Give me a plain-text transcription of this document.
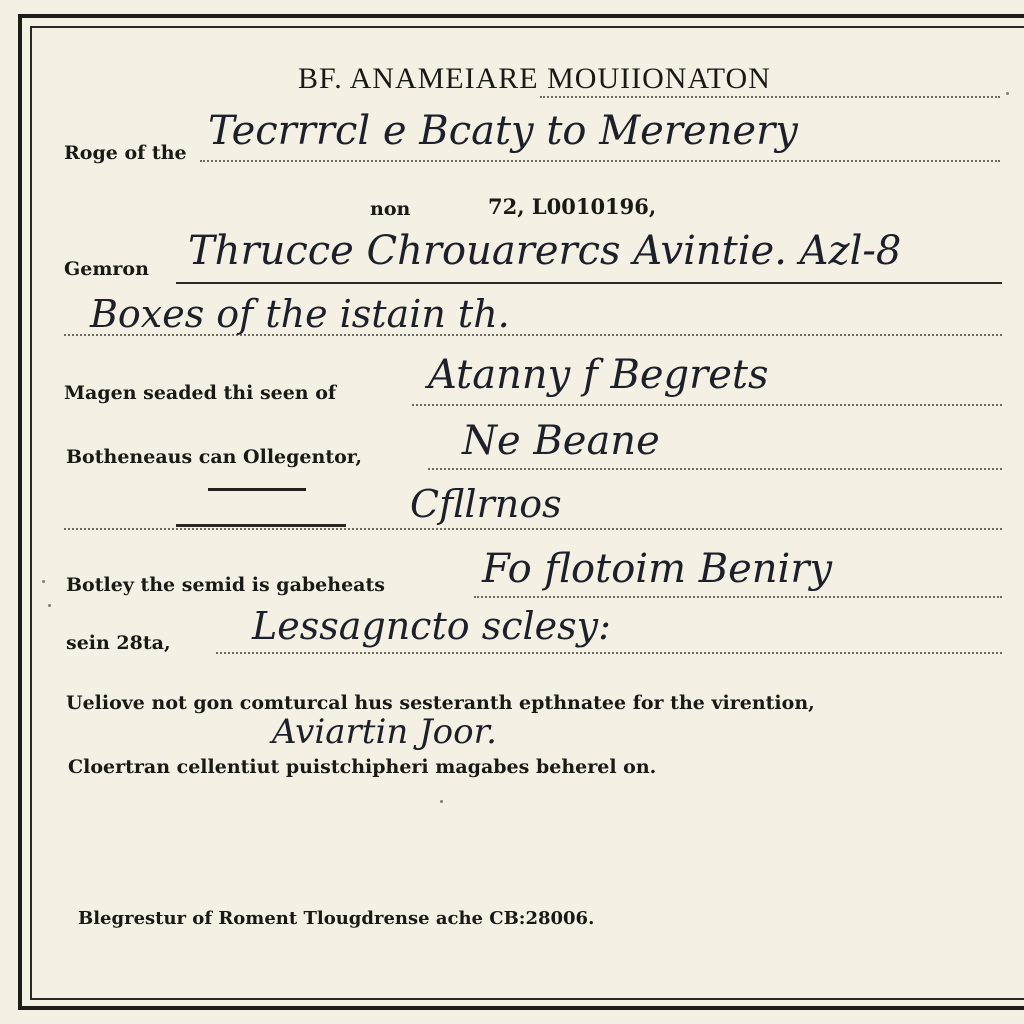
BF. ANAMEIARE MOUIIONATON
Roge of the Tecrrrcl e Bcaty to Merenery
non	72, L0010196,
Gemron Thrucce Chrouarercs Avintie. Azl-8
Boxes of the istain th.
Magen seaded thi seen of Atanny f Begrets
Botheneaus can Ollegentor, Ne Beane
Cfllrnos
Botley the semid is gabeheats Fo flotoim Beniry
sein 28ta, Lessagncto sclesy:
Ueliove not gon comturcal hus sesteranth epthnatee for the virention,
Aviartin Joor.
Cloertran cellentiut puistchipheri magabes beherel on.
Blegrestur of Roment Tlougdrense ache CB:28006.
